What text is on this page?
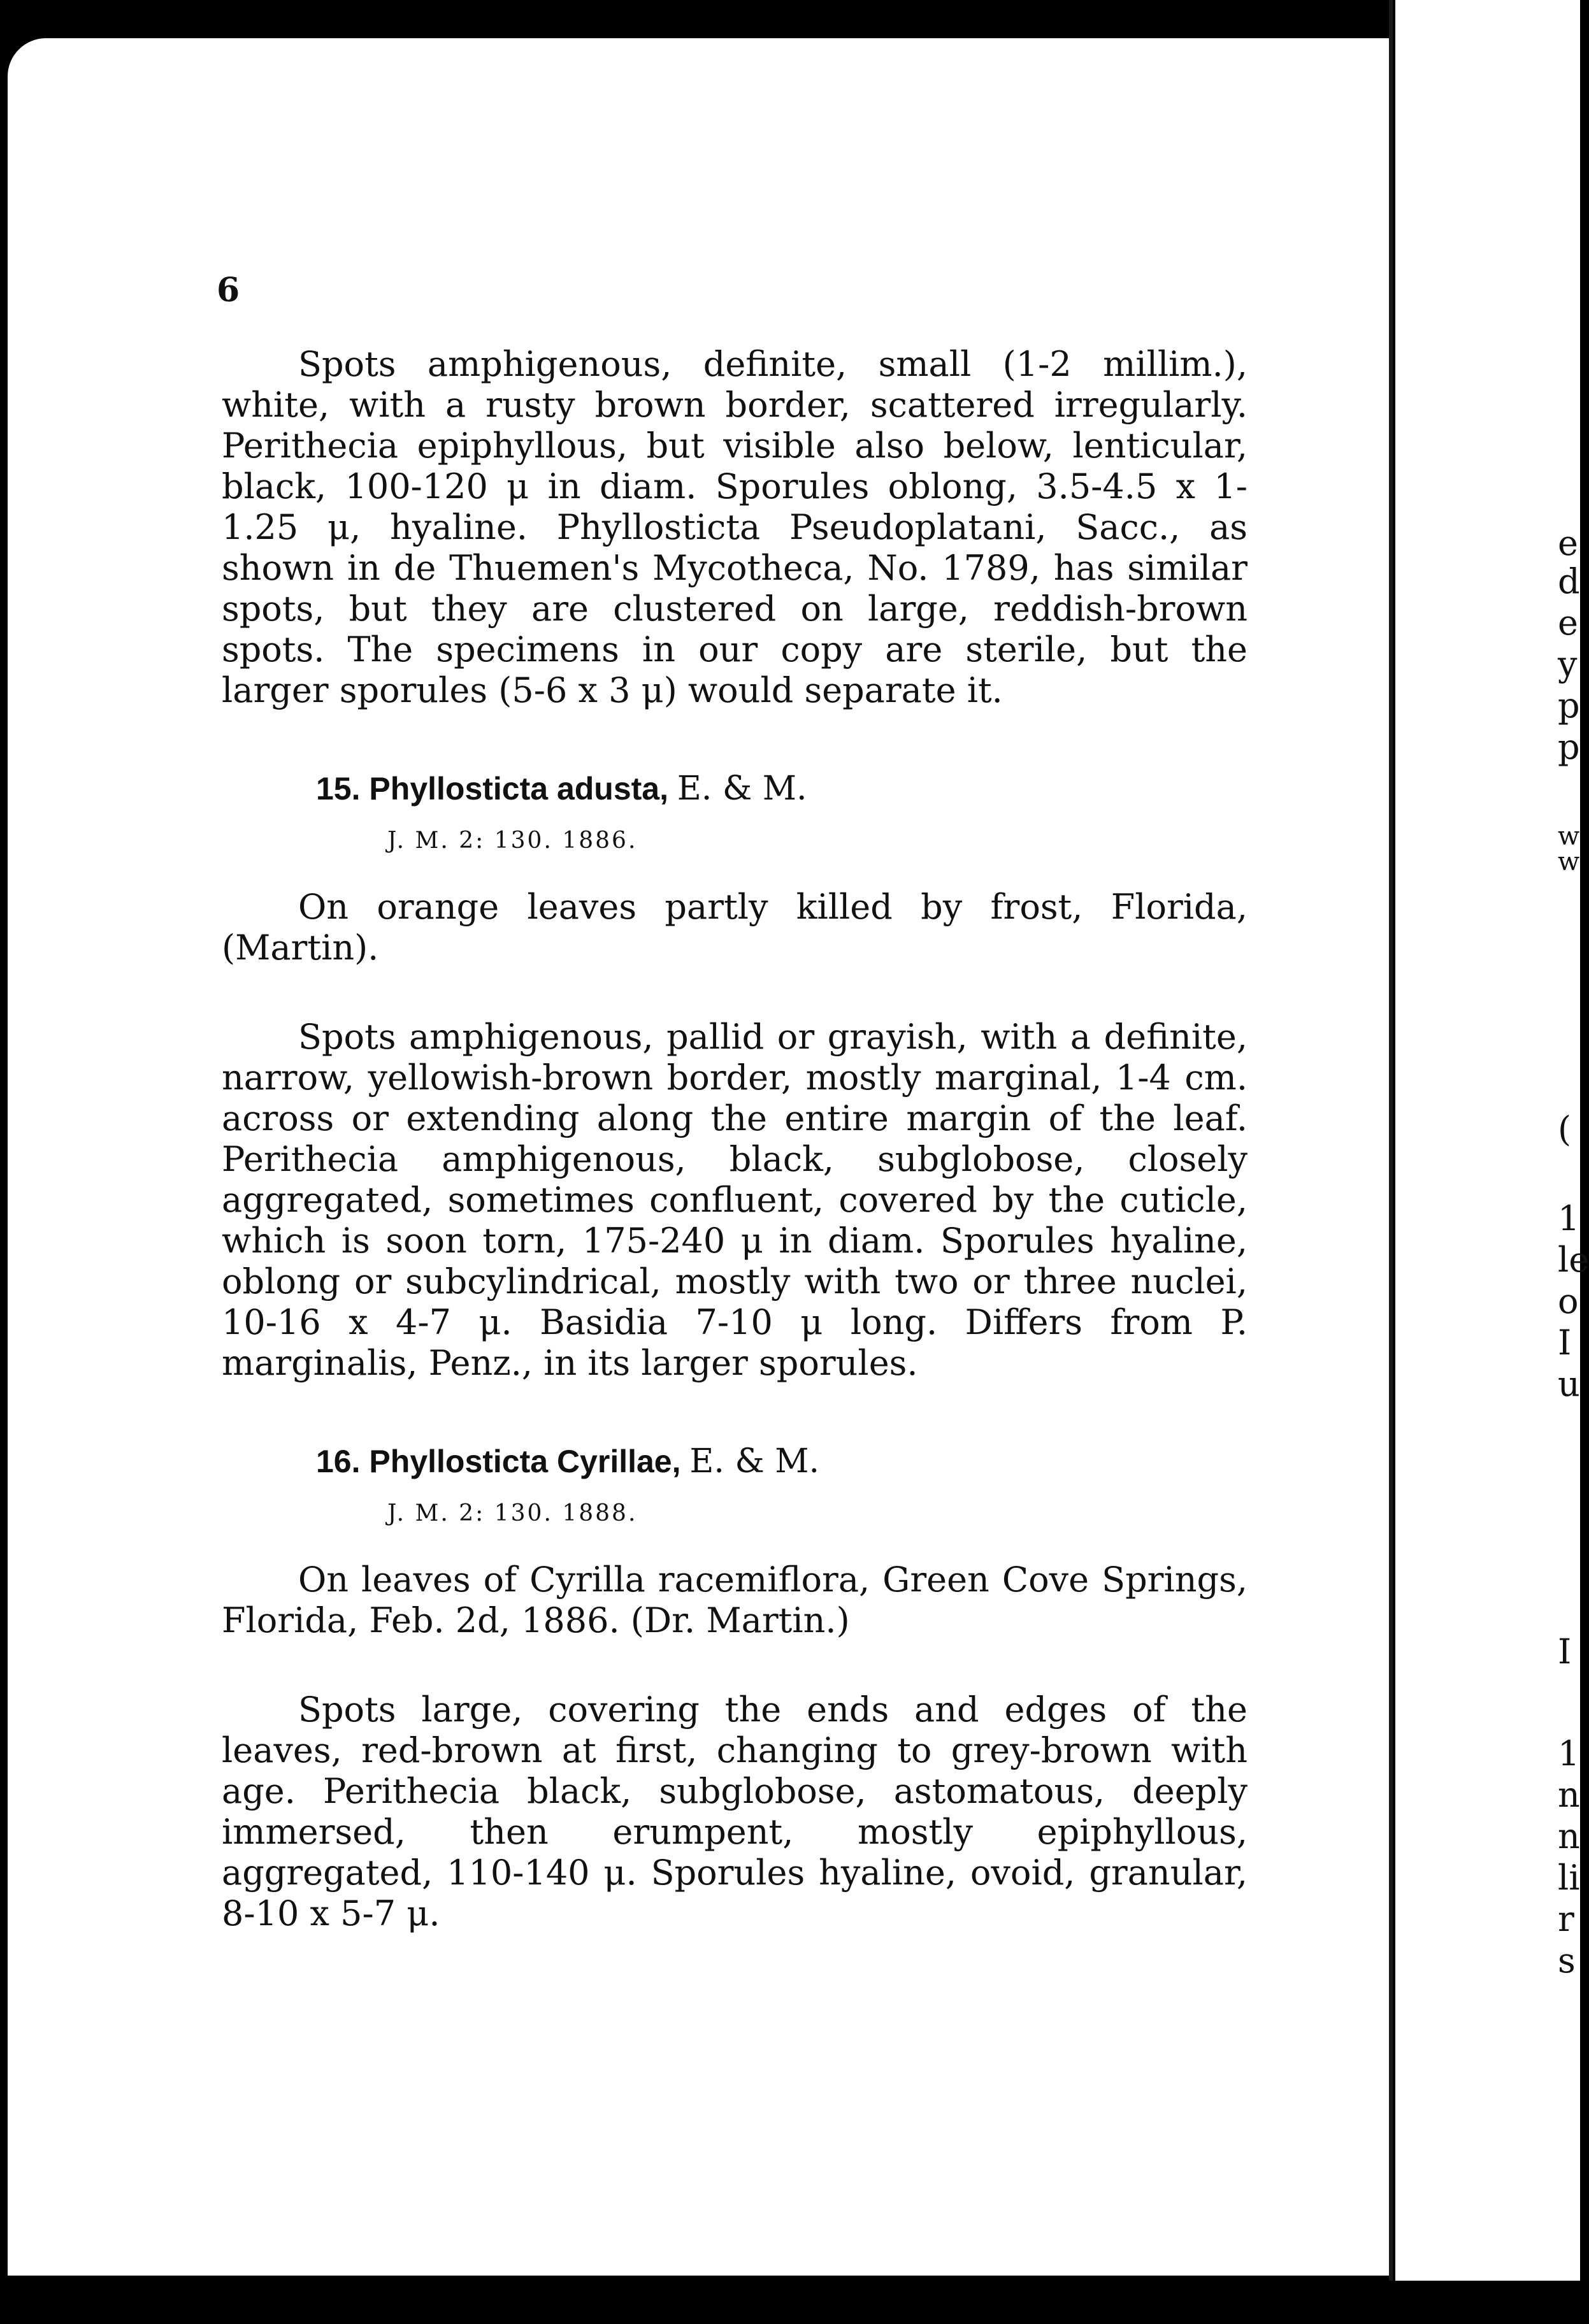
6

Spots amphigenous, definite, small (1-2 millim.), white, with a rusty brown border, scattered irregularly. Perithecia epiphyllous, but visible also below, lenticular, black, 100-120 μ in diam. Sporules oblong, 3.5-4.5 x 1-1.25 μ, hyaline. Phyllosticta Pseudoplatani, Sacc., as shown in de Thuemen's Mycotheca, No. 1789, has similar spots, but they are clustered on large, reddish-brown spots. The specimens in our copy are sterile, but the larger sporules (5-6 x 3 μ) would separate it.

15. Phyllosticta adusta, E. & M.
J. M. 2: 130. 1886.

On orange leaves partly killed by frost, Florida, (Martin).

Spots amphigenous, pallid or grayish, with a definite, narrow, yellowish-brown border, mostly marginal, 1-4 cm. across or extending along the entire margin of the leaf. Perithecia amphigenous, black, subglobose, closely aggregated, sometimes confluent, covered by the cuticle, which is soon torn, 175-240 μ in diam. Sporules hyaline, oblong or subcylindrical, mostly with two or three nuclei, 10-16 x 4-7 μ. Basidia 7-10 μ long. Differs from P. marginalis, Penz., in its larger sporules.

16. Phyllosticta Cyrillae, E. & M.
J. M. 2: 130. 1888.

On leaves of Cyrilla racemiflora, Green Cove Springs, Florida, Feb. 2d, 1886. (Dr. Martin.)

Spots large, covering the ends and edges of the leaves, red-brown at first, changing to grey-brown with age. Perithecia black, subglobose, astomatous, deeply immersed, then erumpent, mostly epiphyllous, aggregated, 110-140 μ. Sporules hyaline, ovoid, granular, 8-10 x 5-7 μ.

e
d
e
y
p
p
w
w
(
1
le
o
I
u
I
1
n
n
li
r
s
